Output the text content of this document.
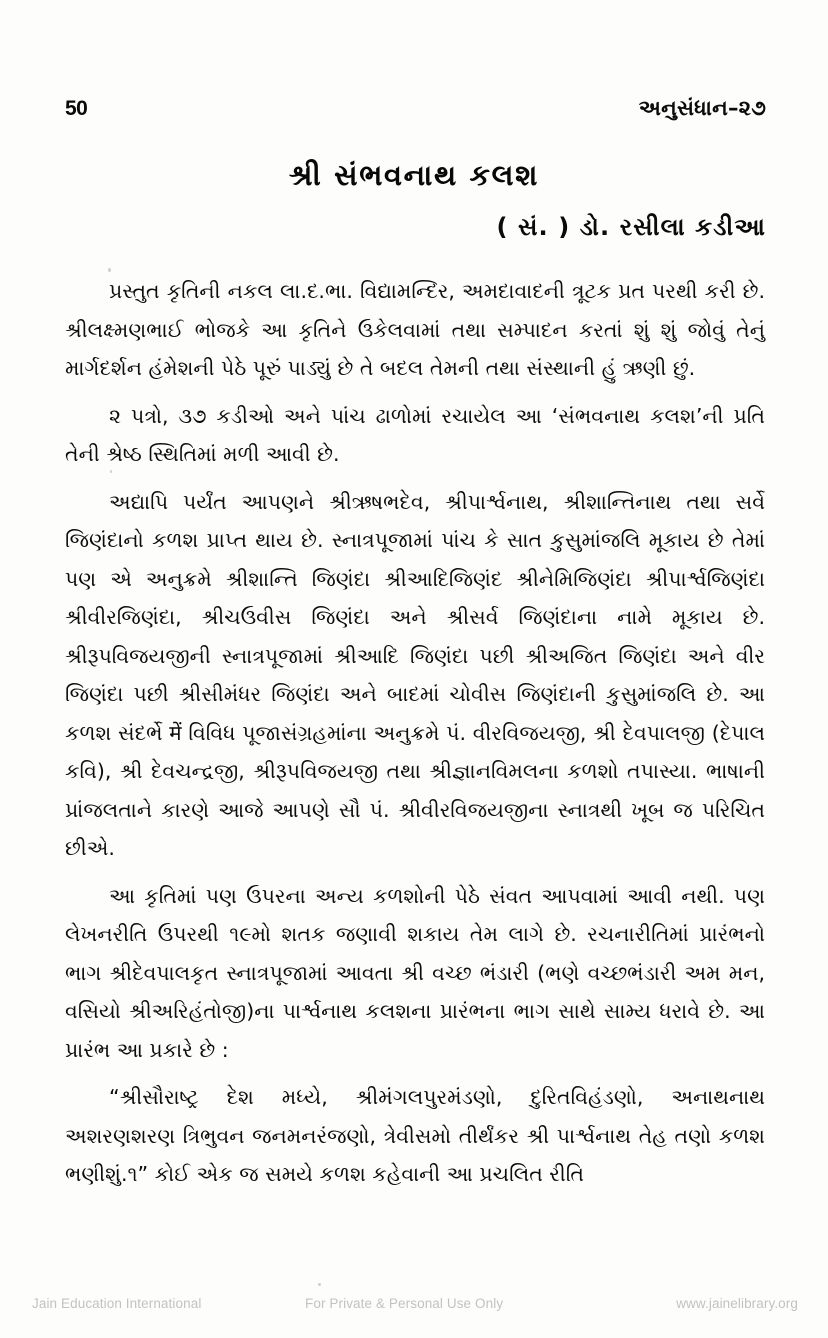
50	અનુસંધાન–૨૭
શ્રી સંભવનાથ કલશ
( સં. ) ડો. રસીલા કડીઆ

પ્રસ્તુત કૃતિની નકલ લા.દ.ભા. વિદ્યામન્દિર, અમદાવાદની ત્રૂટક પ્રત પરથી કરી છે. શ્રીલક્ષ્મણભાઈ ભોજકે આ કૃતિને ઉકેલવામાં તથા સમ્પાદન કરતાં શું શું જોવું તેનું માર્ગદર્શન હંમેશની પેઠે પૂરું પાડ્યું છે તે બદલ તેમની તથા સંસ્થાની હું ઋણી છું.

૨ પત્રો, ૩૭ કડીઓ અને પાંચ ઢાળોમાં રચાયેલ આ ‘સંભવનાથ કલશ’ની પ્રતિ તેની શ્રેષ્ઠ સ્થિતિમાં મળી આવી છે.

અદ્યાપિ પર્યંત આપણને શ્રીઋષભદેવ, શ્રીપાર્શ્વનાથ, શ્રીશાન્તિનાથ તથા સર્વે જિણંદાનો કળશ પ્રાપ્ત થાય છે. સ્નાત્રપૂજામાં પાંચ કે સાત કુસુમાંજલિ મૂકાય છે તેમાં પણ એ અનુક્રમે શ્રીશાન્તિ જિણંદા શ્રીઆદિજિણંદ શ્રીનેમિજિણંદા શ્રીપાર્શ્વજિણંદા શ્રીવીરજિણંદા, શ્રીચઉવીસ જિણંદા અને શ્રીસર્વ જિણંદાના નામે મૂકાય છે. શ્રીરૂપવિજયજીની સ્નાત્રપૂજામાં શ્રીઆદિ જિણંદા પછી શ્રીઅજિત જિણંદા અને વીર જિણંદા પછી શ્રીસીમંધર જિણંદા અને બાદમાં ચોવીસ જિણંદાની કુસુમાંજલિ છે. આ કળશ સંદર્ભે में વિવિધ પૂજાસંગ્રહમાંના અનુક્રમે પં. વીરવિજયજી, શ્રી દેવપાલજી (દેપાલ કવિ), શ્રી દેવચન્દ્રજી, શ્રીરૂપવિજયજી તથા શ્રીજ્ઞાનવિમલના કળશો તપાસ્યા. ભાષાની પ્રાંજલતાને કારણે આજે આપણે સૌ પં. શ્રીવીરવિજયજીના સ્નાત્રથી ખૂબ જ પરિચિત છીએ.

આ કૃતિમાં પણ ઉપરના અન્ય કળશોની પેઠે સંવત આપવામાં આવી નથી. પણ લેખનરીતિ ઉપરથી ૧૯મો શતક જણાવી શકાય તેમ લાગે છે. રચનારીતિમાં પ્રારંભનો ભાગ શ્રીદેવપાલકૃત સ્નાત્રપૂજામાં આવતા શ્રી વચ્છ ભંડારી (ભણે વચ્છભંડારી અમ મન, વસિયો શ્રીઅરિહંતોજી)ના પાર્શ્વનાથ કલશના પ્રારંભના ભાગ સાથે સામ્ય ધરાવે છે. આ પ્રારંભ આ પ્રકારે છે :

“શ્રીસૌરાષ્ટ્ર દેશ મધ્યે, શ્રીમંગલપુરમંડણો, દુરિતવિહંડણો, અનાથનાથ અશરણશરણ ત્રિભુવન જનમનરંજણો, ત્રેવીસમો તીર્થંકર શ્રી પાર્શ્વનાથ તેહ તણો કળશ ભણીશું.૧” કોઈ એક જ સમયે કળશ કહેવાની આ પ્રચલિત રીતિ

Jain Education International	For Private & Personal Use Only	www.jainelibrary.org
